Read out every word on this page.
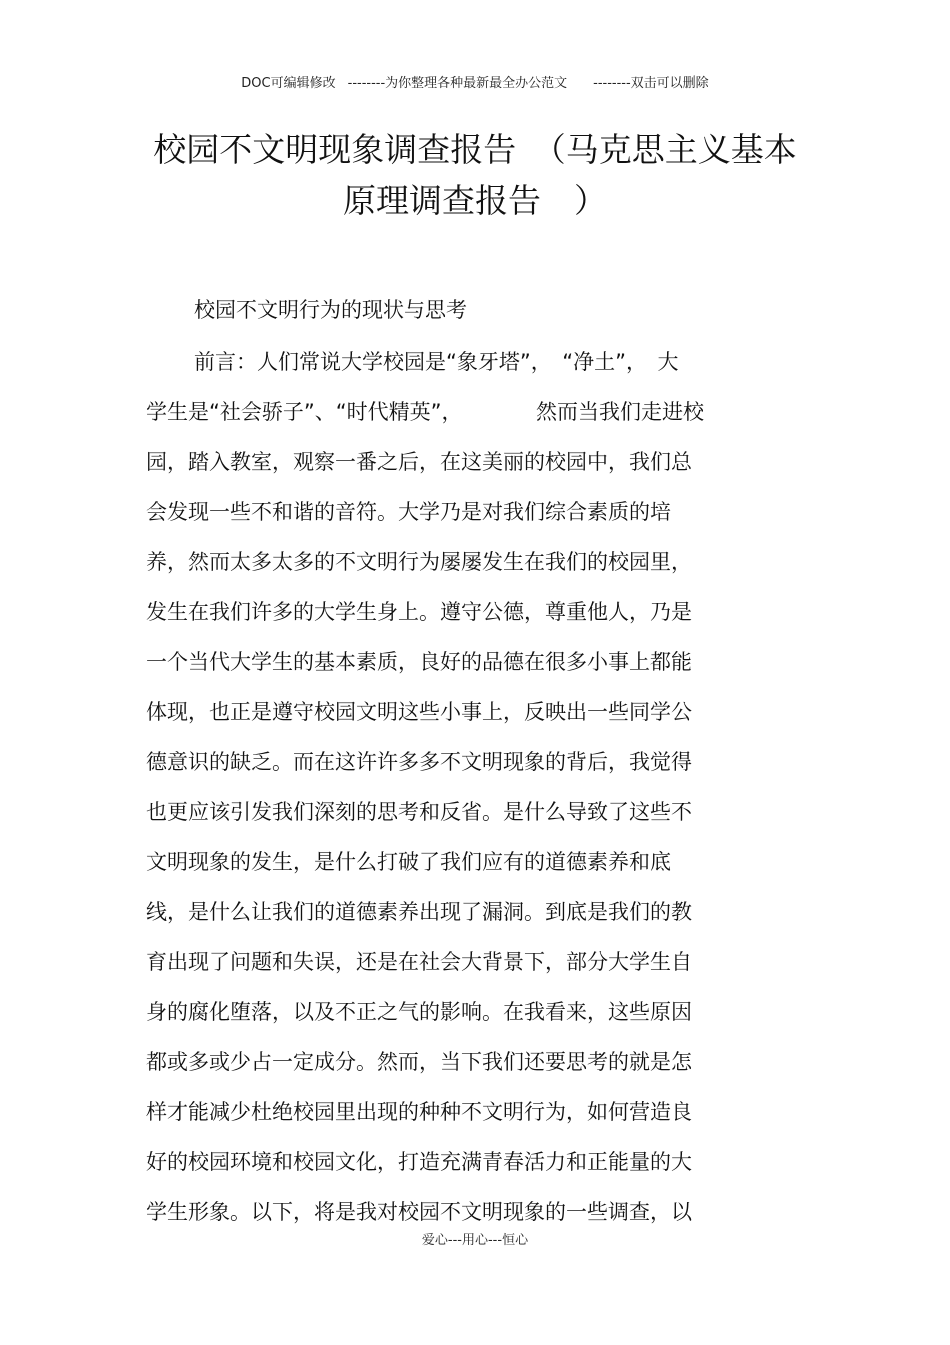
DOC可编辑修改 --------为你整理各种最新最全办公范文 --------双击可以删除
校园不文明现象调查报告　（马克思主义基本
原理调查报告　）
校园不文明行为的现状与思考
前言：人们常说大学校园是“象牙塔”，　“净土”，　大
学生是“社会骄子”、“时代精英”，　　　　然而当我们走进校
园，踏入教室，观察一番之后，在这美丽的校园中，我们总
会发现一些不和谐的音符。大学乃是对我们综合素质的培
养，然而太多太多的不文明行为屡屡发生在我们的校园里，
发生在我们许多的大学生身上。遵守公德，尊重他人，乃是
一个当代大学生的基本素质，良好的品德在很多小事上都能
体现，也正是遵守校园文明这些小事上，反映出一些同学公
德意识的缺乏。而在这许许多多不文明现象的背后，我觉得
也更应该引发我们深刻的思考和反省。是什么导致了这些不
文明现象的发生，是什么打破了我们应有的道德素养和底
线，是什么让我们的道德素养出现了漏洞。到底是我们的教
育出现了问题和失误，还是在社会大背景下，部分大学生自
身的腐化堕落，以及不正之气的影响。在我看来，这些原因
都或多或少占一定成分。然而，当下我们还要思考的就是怎
样才能减少杜绝校园里出现的种种不文明行为，如何营造良
好的校园环境和校园文化，打造充满青春活力和正能量的大
学生形象。以下，将是我对校园不文明现象的一些调查，以
爱心---用心---恒心
